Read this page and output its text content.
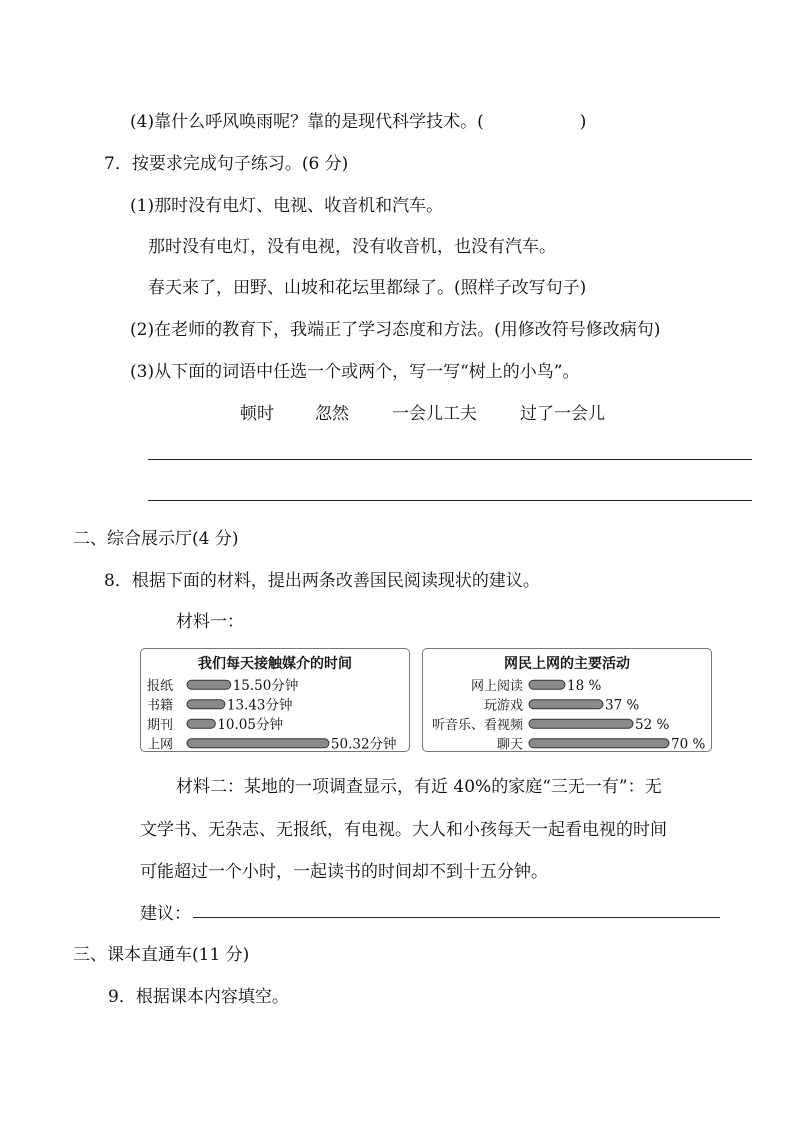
(4)靠什么呼风唤雨呢？靠的是现代科学技术。(	)
7．按要求完成句子练习。(6 分)
(1)那时没有电灯、电视、收音机和汽车。
那时没有电灯，没有电视，没有收音机，也没有汽车。
春天来了，田野、山坡和花坛里都绿了。(照样子改写句子)
(2)在老师的教育下，我端正了学习态度和方法。(用修改符号修改病句)
(3)从下面的词语中任选一个或两个，写一写“树上的小鸟”。
顿时 忽然	一会儿工夫	过了一会儿
二、综合展示厅(4 分)
8．根据下面的材料，提出两条改善国民阅读现状的建议。
材料一：
我们每天接触媒介的时间
报纸	15.50分钟
书籍	13.43分钟
期刊	10.05分钟
上网	50.32分钟
网民上网的主要活动
网上阅读	18 %
玩游戏	37 %
听音乐、看视频	52 %
聊天	70 %
材料二：某地的一项调查显示，有近 40%的家庭“三无一有”：无
文学书、无杂志、无报纸，有电视。大人和小孩每天一起看电视的时间
可能超过一个小时，一起读书的时间却不到十五分钟。
建议：
三、课本直通车(11 分)
9．根据课本内容填空。
